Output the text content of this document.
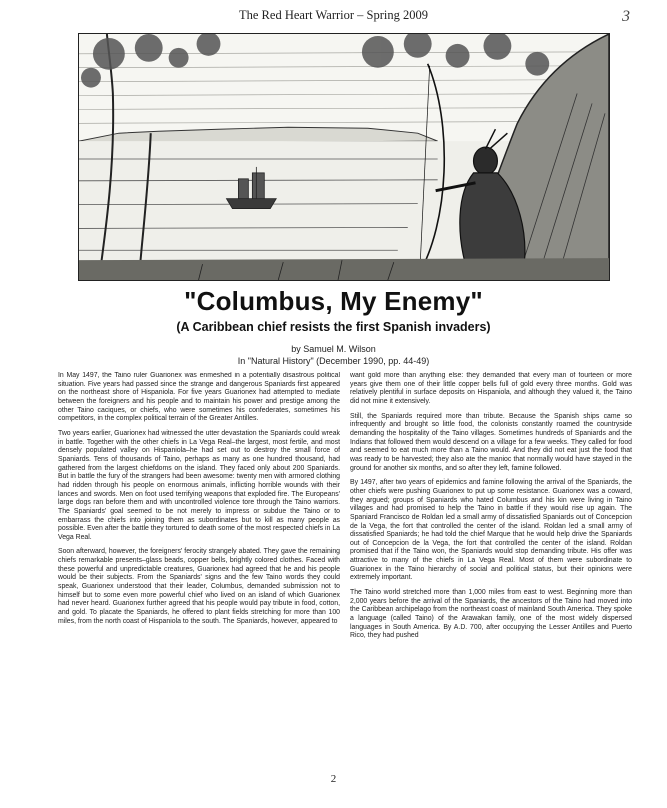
The Red Heart Warrior – Spring 2009	3
"Columbus, My Enemy"
(A Caribbean chief resists the first Spanish invaders)
by Samuel M. Wilson
In "Natural History" (December 1990, pp. 44-49)

In May 1497, the Taino ruler Guarionex was enmeshed in a potentially disastrous political situation. Five years had passed since the strange and dangerous Spaniards first appeared on the northeast shore of Hispaniola. For five years Guarionex had attempted to mediate between the foreigners and his people and to maintain his power and prestige among the other Taino caciques, or chiefs, who were sometimes his confederates, sometimes his competitors, in the complex political terrain of the Greater Antilles.

Two years earlier, Guarionex had witnessed the utter devastation the Spaniards could wreak in battle. Together with the other chiefs in La Vega Real–the largest, most fertile, and most densely populated valley on Hispaniola–he had set out to destroy the small force of Spaniards. Tens of thousands of Taino, perhaps as many as one hundred thousand, had gathered from the largest chiefdoms on the island. They faced only about 200 Spaniards. But in battle the fury of the strangers had been awesome: twenty men with armored clothing had ridden through his people on enormous animals, inflicting horrible wounds with their lances and swords. Men on foot used terrifying weapons that exploded fire. The Europeans' large dogs ran before them and with uncontrolled violence tore through the Taino warriors. The Spaniards' goal seemed to be not merely to impress or subdue the Taino or to embarrass the chiefs into joining them as subordinates but to kill as many people as possible. Even after the battle they tortured to death some of the most respected chiefs in La Vega Real.

Soon afterward, however, the foreigners' ferocity strangely abated. They gave the remaining chiefs remarkable presents–glass beads, copper bells, brightly colored clothes. Faced with these powerful and unpredictable creatures, Guarionex had agreed that he and his people would be their subjects. From the Spaniards' signs and the few Taino words they could speak, Guarionex understood that their leader, Columbus, demanded submission not to himself but to some even more powerful chief who lived on an island of which Guarionex had never heard. Guarionex further agreed that his people would pay tribute in food, cotton, and gold. To placate the Spaniards, he offered to plant fields stretching for more than 100 miles, from the north coast of Hispaniola to the south. The Spaniards, however, appeared to

want gold more than anything else: they demanded that every man of fourteen or more years give them one of their little copper bells full of gold every three months. Gold was relatively plentiful in surface deposits on Hispaniola, and although they valued it, the Taino did not mine it extensively.

Still, the Spaniards required more than tribute. Because the Spanish ships came so infrequently and brought so little food, the colonists constantly roamed the countryside demanding the hospitality of the Taino villages. Sometimes hundreds of Spaniards and the Indians that followed them would descend on a village for a few weeks. They called for food and seemed to eat much more than a Taino would. And they did not eat just the food that was ready to be harvested; they also ate the manioc that normally would have stayed in the ground for another six months, and so after they left, famine followed.

By 1497, after two years of epidemics and famine following the arrival of the Spaniards, the other chiefs were pushing Guarionex to put up some resistance. Guarionex was a coward, they argued; groups of Spaniards who hated Columbus and his kin were living in Taino villages and had promised to help the Taino in battle if they would rise up again. The Spaniard Francisco de Roldan led a small army of dissatisfied Spaniards out of Concepcion de la Vega, the fort that controlled the center of the island. Roldan led a small army of dissatisfied Spaniards; he had told the chief Marque that he would help drive the Spaniards out of Concepcion de la Vega, the fort that controlled the center of the island. Roldan promised that if the Taino won, the Spaniards would stop demanding tribute. His offer was attractive to many of the chiefs in La Vega Real. Most of them were subordinate to Guarionex in the Taino hierarchy of social and political status, but their opinions were extremely important.

The Taino world stretched more than 1,000 miles from east to west. Beginning more than 2,000 years before the arrival of the Spaniards, the ancestors of the Taino had moved into the Caribbean archipelago from the northeast coast of mainland South America. They spoke a language (called Taino) of the Arawakan family, one of the most widely dispersed languages in South America. By A.D. 700, after occupying the Lesser Antilles and Puerto Rico, they had pushed

2
